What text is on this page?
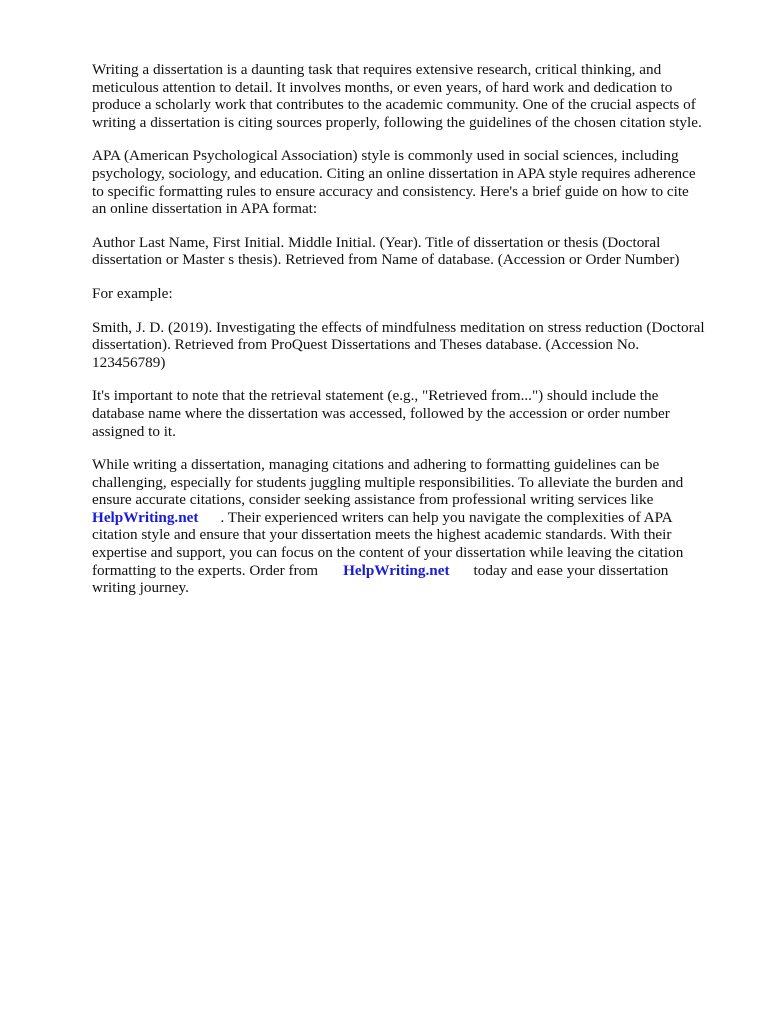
Writing a dissertation is a daunting task that requires extensive research, critical thinking, and
meticulous attention to detail. It involves months, or even years, of hard work and dedication to
produce a scholarly work that contributes to the academic community. One of the crucial aspects of
writing a dissertation is citing sources properly, following the guidelines of the chosen citation style.

APA (American Psychological Association) style is commonly used in social sciences, including
psychology, sociology, and education. Citing an online dissertation in APA style requires adherence
to specific formatting rules to ensure accuracy and consistency. Here's a brief guide on how to cite
an online dissertation in APA format:

Author Last Name, First Initial. Middle Initial. (Year). Title of dissertation or thesis (Doctoral
dissertation or Master s thesis). Retrieved from Name of database. (Accession or Order Number)

For example:

Smith, J. D. (2019). Investigating the effects of mindfulness meditation on stress reduction (Doctoral
dissertation). Retrieved from ProQuest Dissertations and Theses database. (Accession No.
123456789)

It's important to note that the retrieval statement (e.g., "Retrieved from...") should include the
database name where the dissertation was accessed, followed by the accession or order number
assigned to it.

While writing a dissertation, managing citations and adhering to formatting guidelines can be
challenging, especially for students juggling multiple responsibilities. To alleviate the burden and
ensure accurate citations, consider seeking assistance from professional writing services like
HelpWriting.net . Their experienced writers can help you navigate the complexities of APA
citation style and ensure that your dissertation meets the highest academic standards. With their
expertise and support, you can focus on the content of your dissertation while leaving the citation
formatting to the experts. Order from HelpWriting.net today and ease your dissertation
writing journey.
